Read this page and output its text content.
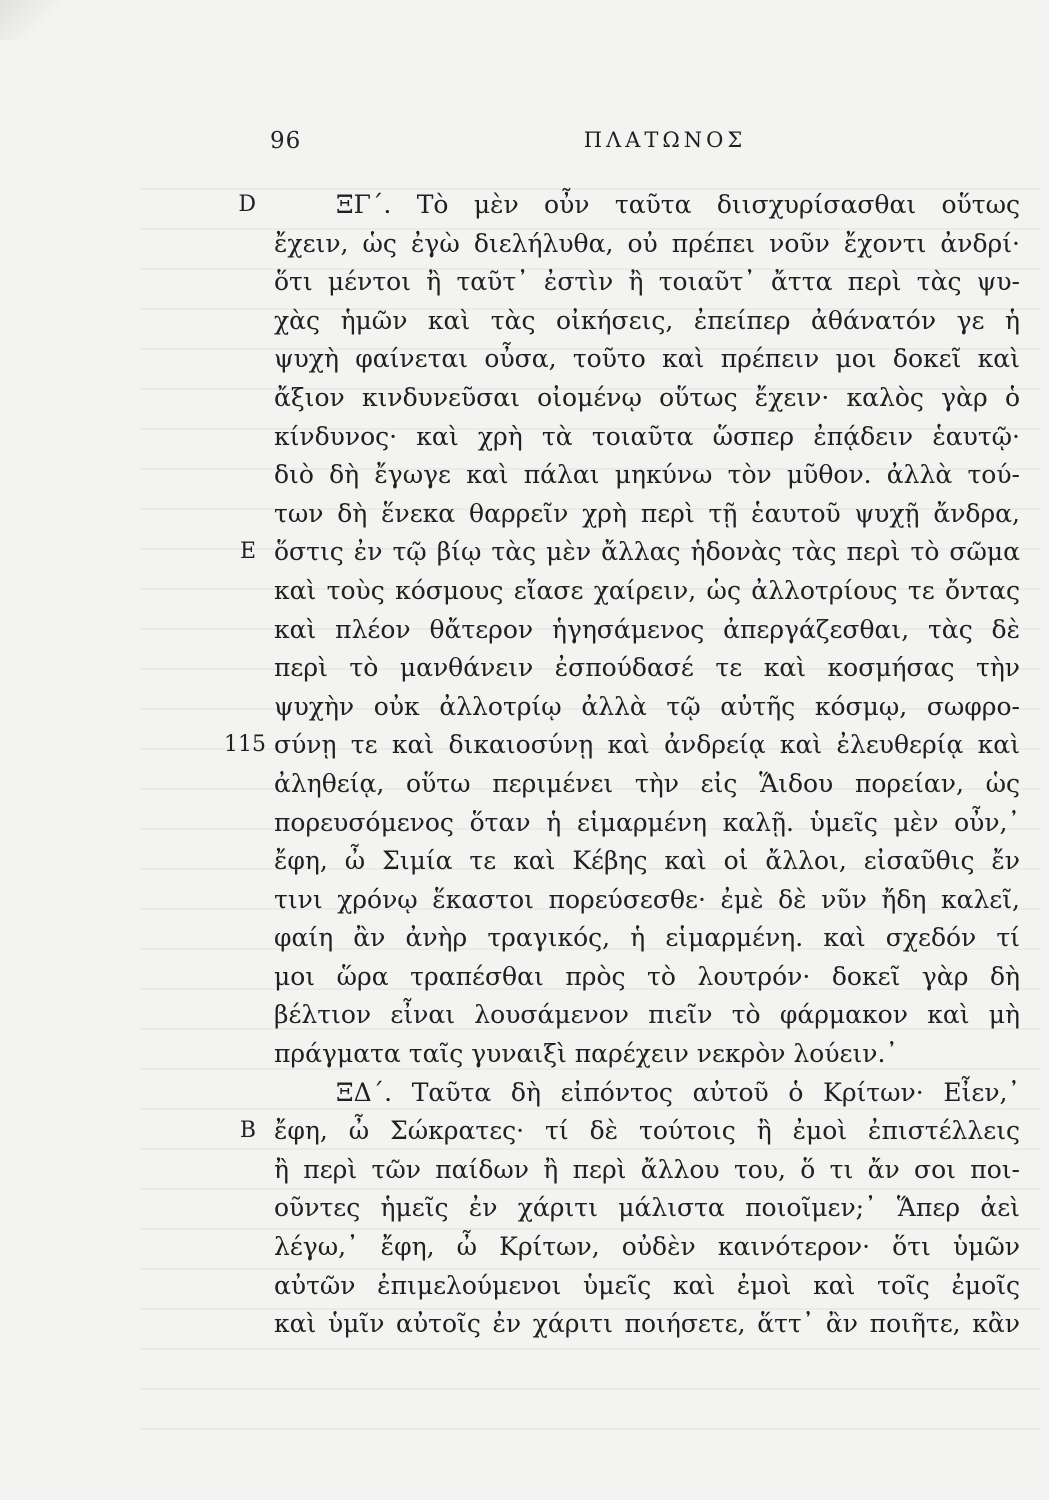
96	ΠΛΑΤΩΝΟΣ
D	ΞΓ΄. Τὸ μὲν οὖν ταῦτα διισχυρίσασθαι οὕτως
ἔχειν, ὡς ἐγὼ διελήλυθα, οὐ πρέπει νοῦν ἔχοντι ἀνδρί·
ὅτι μέντοι ἢ ταῦτ᾿ ἐστὶν ἢ τοιαῦτ᾿ ἄττα περὶ τὰς ψυ-
χὰς ἡμῶν καὶ τὰς οἰκήσεις, ἐπείπερ ἀθάνατόν γε ἡ
ψυχὴ φαίνεται οὖσα, τοῦτο καὶ πρέπειν μοι δοκεῖ καὶ
ἄξιον κινδυνεῦσαι οἰομένῳ οὕτως ἔχειν· καλὸς γὰρ ὁ
κίνδυνος· καὶ χρὴ τὰ τοιαῦτα ὥσπερ ἐπᾴδειν ἑαυτῷ·
διὸ δὴ ἔγωγε καὶ πάλαι μηκύνω τὸν μῦθον. ἀλλὰ τού-
των δὴ ἕνεκα θαρρεῖν χρὴ περὶ τῇ ἑαυτοῦ ψυχῇ ἄνδρα,
E ὅστις ἐν τῷ βίῳ τὰς μὲν ἄλλας ἡδονὰς τὰς περὶ τὸ σῶμα
καὶ τοὺς κόσμους εἴασε χαίρειν, ὡς ἀλλοτρίους τε ὄντας
καὶ πλέον θἄτερον ἡγησάμενος ἀπεργάζεσθαι, τὰς δὲ
περὶ τὸ μανθάνειν ἐσπούδασέ τε καὶ κοσμήσας τὴν
ψυχὴν οὐκ ἀλλοτρίῳ ἀλλὰ τῷ αὐτῆς κόσμῳ, σωφρο-
115 σύνῃ τε καὶ δικαιοσύνῃ καὶ ἀνδρείᾳ καὶ ἐλευθερίᾳ καὶ
ἀληθείᾳ, οὕτω περιμένει τὴν εἰς Ἅιδου πορείαν, ὡς
πορευσόμενος ὅταν ἡ εἱμαρμένη καλῇ. ὑμεῖς μὲν οὖν,᾿
ἔφη, ὦ Σιμία τε καὶ Κέβης καὶ οἱ ἄλλοι, εἰσαῦθις ἔν
τινι χρόνῳ ἕκαστοι πορεύσεσθε· ἐμὲ δὲ νῦν ἤδη καλεῖ,
φαίη ἂν ἀνὴρ τραγικός, ἡ εἱμαρμένη. καὶ σχεδόν τί
μοι ὥρα τραπέσθαι πρὸς τὸ λουτρόν· δοκεῖ γὰρ δὴ
βέλτιον εἶναι λουσάμενον πιεῖν τὸ φάρμακον καὶ μὴ
πράγματα ταῖς γυναιξὶ παρέχειν νεκρὸν λούειν.᾿
ΞΔ΄. Ταῦτα δὴ εἰπόντος αὐτοῦ ὁ Κρίτων· Εἶεν,᾿
B ἔφη, ὦ Σώκρατες· τί δὲ τούτοις ἢ ἐμοὶ ἐπιστέλλεις
ἢ περὶ τῶν παίδων ἢ περὶ ἄλλου του, ὅ τι ἄν σοι ποι-
οῦντες ἡμεῖς ἐν χάριτι μάλιστα ποιοῖμεν;᾿ Ἅπερ ἀεὶ
λέγω,᾿ ἔφη, ὦ Κρίτων, οὐδὲν καινότερον· ὅτι ὑμῶν
αὐτῶν ἐπιμελούμενοι ὑμεῖς καὶ ἐμοὶ καὶ τοῖς ἐμοῖς
καὶ ὑμῖν αὐτοῖς ἐν χάριτι ποιήσετε, ἅττ᾿ ἂν ποιῆτε, κἂν
